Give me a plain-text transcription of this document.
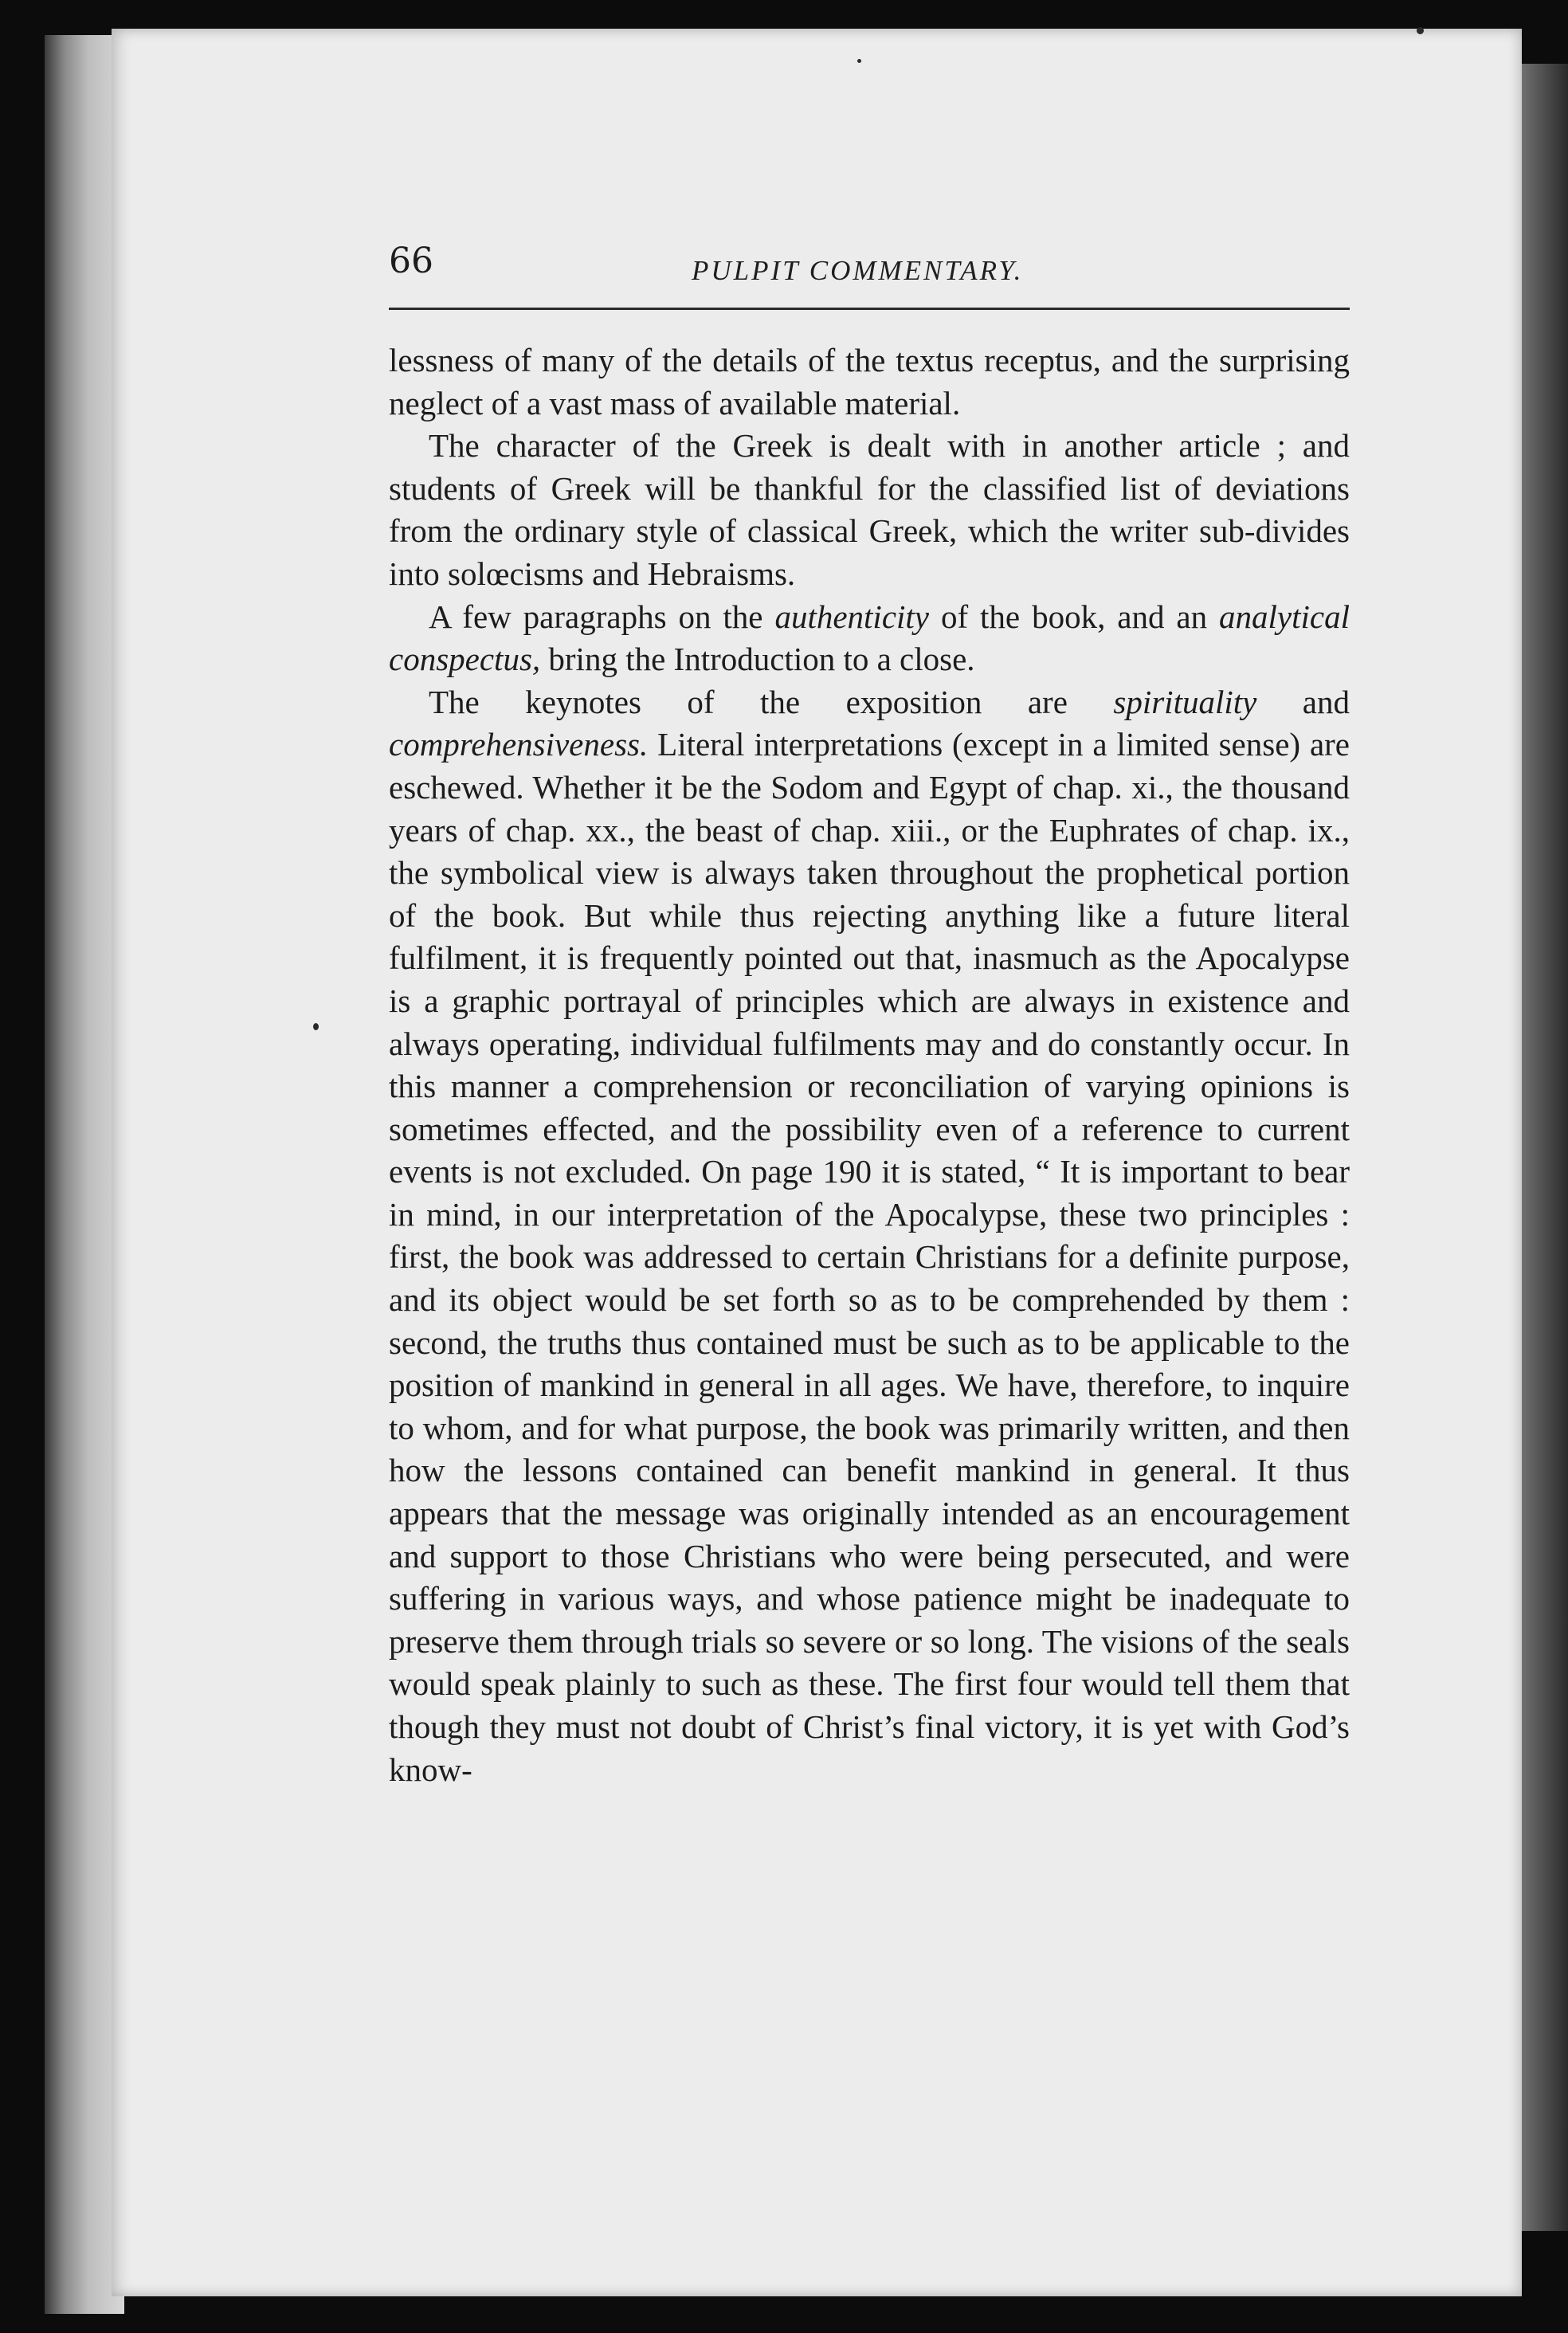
66	PULPIT COMMENTARY.

lessness of many of the details of the textus receptus, and the surprising neglect of a vast mass of available material.

The character of the Greek is dealt with in another article ; and students of Greek will be thankful for the classified list of deviations from the ordinary style of classical Greek, which the writer sub-divides into solœcisms and Hebraisms.

A few paragraphs on the authenticity of the book, and an analytical conspectus, bring the Introduction to a close.

The keynotes of the exposition are spirituality and comprehensiveness. Literal interpretations (except in a limited sense) are eschewed. Whether it be the Sodom and Egypt of chap. xi., the thousand years of chap. xx., the beast of chap. xiii., or the Euphrates of chap. ix., the symbolical view is always taken throughout the prophetical portion of the book. But while thus rejecting anything like a future literal fulfilment, it is frequently pointed out that, inasmuch as the Apocalypse is a graphic portrayal of principles which are always in existence and always operating, individual fulfilments may and do constantly occur. In this manner a comprehension or reconciliation of varying opinions is sometimes effected, and the possibility even of a reference to current events is not excluded. On page 190 it is stated, “ It is important to bear in mind, in our interpretation of the Apocalypse, these two principles : first, the book was addressed to certain Christians for a definite purpose, and its object would be set forth so as to be comprehended by them : second, the truths thus contained must be such as to be applicable to the position of mankind in general in all ages. We have, therefore, to inquire to whom, and for what purpose, the book was primarily written, and then how the lessons contained can benefit mankind in general. It thus appears that the message was originally intended as an encouragement and support to those Christians who were being persecuted, and were suffering in various ways, and whose patience might be inadequate to preserve them through trials so severe or so long. The visions of the seals would speak plainly to such as these. The first four would tell them that though they must not doubt of Christ’s final victory, it is yet with God’s know-
